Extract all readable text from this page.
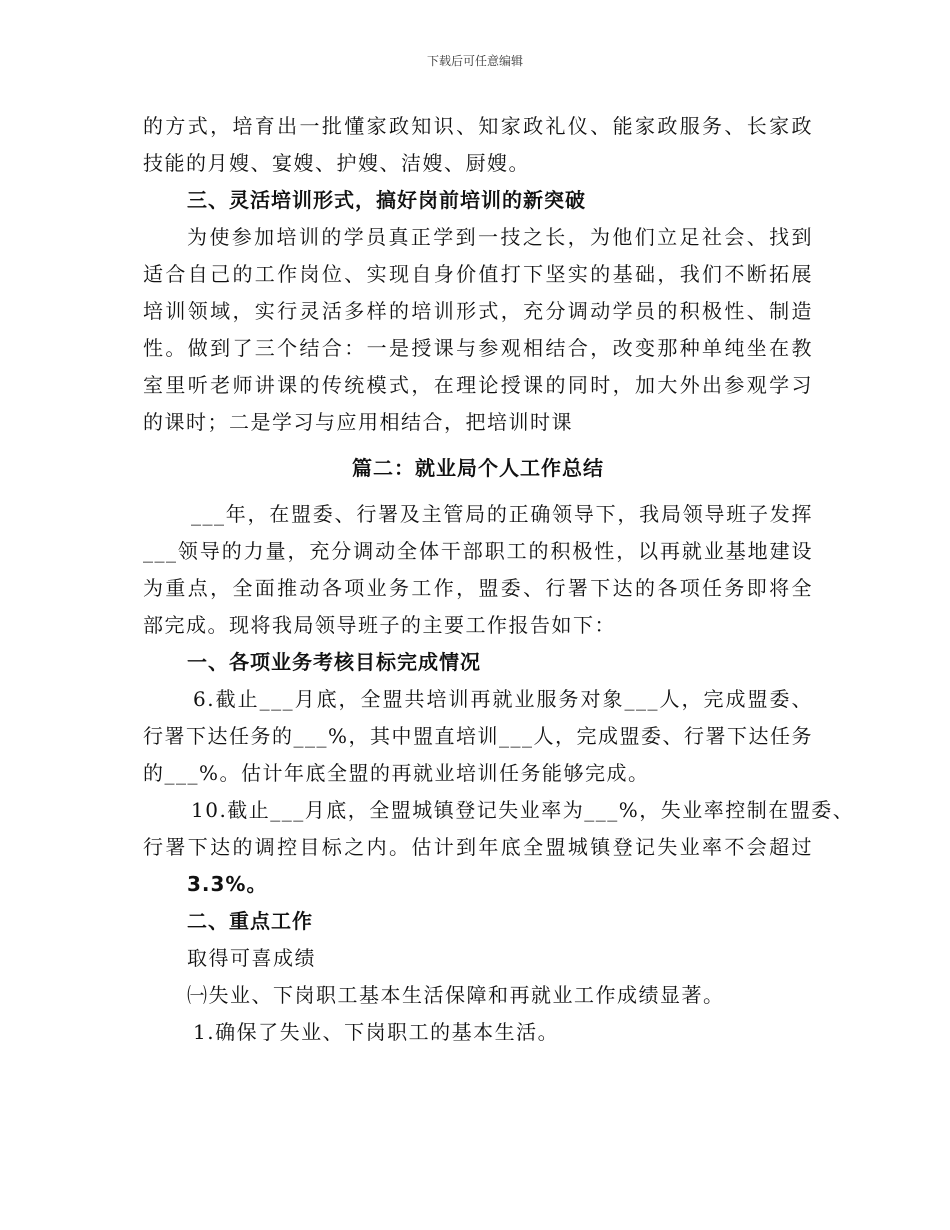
下载后可任意编辑
的方式，培育出一批懂家政知识、知家政礼仪、能家政服务、长家政
技能的月嫂、宴嫂、护嫂、洁嫂、厨嫂。
三、灵活培训形式，搞好岗前培训的新突破
为使参加培训的学员真正学到一技之长，为他们立足社会、找到
适合自己的工作岗位、实现自身价值打下坚实的基础，我们不断拓展
培训领域，实行灵活多样的培训形式，充分调动学员的积极性、制造
性。做到了三个结合：一是授课与参观相结合，改变那种单纯坐在教
室里听老师讲课的传统模式，在理论授课的同时，加大外出参观学习
的课时；二是学习与应用相结合，把培训时课
篇二：就业局个人工作总结
___年，在盟委、行署及主管局的正确领导下，我局领导班子发挥
___领导的力量，充分调动全体干部职工的积极性，以再就业基地建设
为重点，全面推动各项业务工作，盟委、行署下达的各项任务即将全
部完成。现将我局领导班子的主要工作报告如下：
一、各项业务考核目标完成情况
6.截止___月底，全盟共培训再就业服务对象___人，完成盟委、
行署下达任务的___%，其中盟直培训___人，完成盟委、行署下达任务
的___%。估计年底全盟的再就业培训任务能够完成。
10.截止___月底，全盟城镇登记失业率为___%，失业率控制在盟委、
行署下达的调控目标之内。估计到年底全盟城镇登记失业率不会超过
3.3%。
二、重点工作
取得可喜成绩
㈠失业、下岗职工基本生活保障和再就业工作成绩显著。
1.确保了失业、下岗职工的基本生活。
